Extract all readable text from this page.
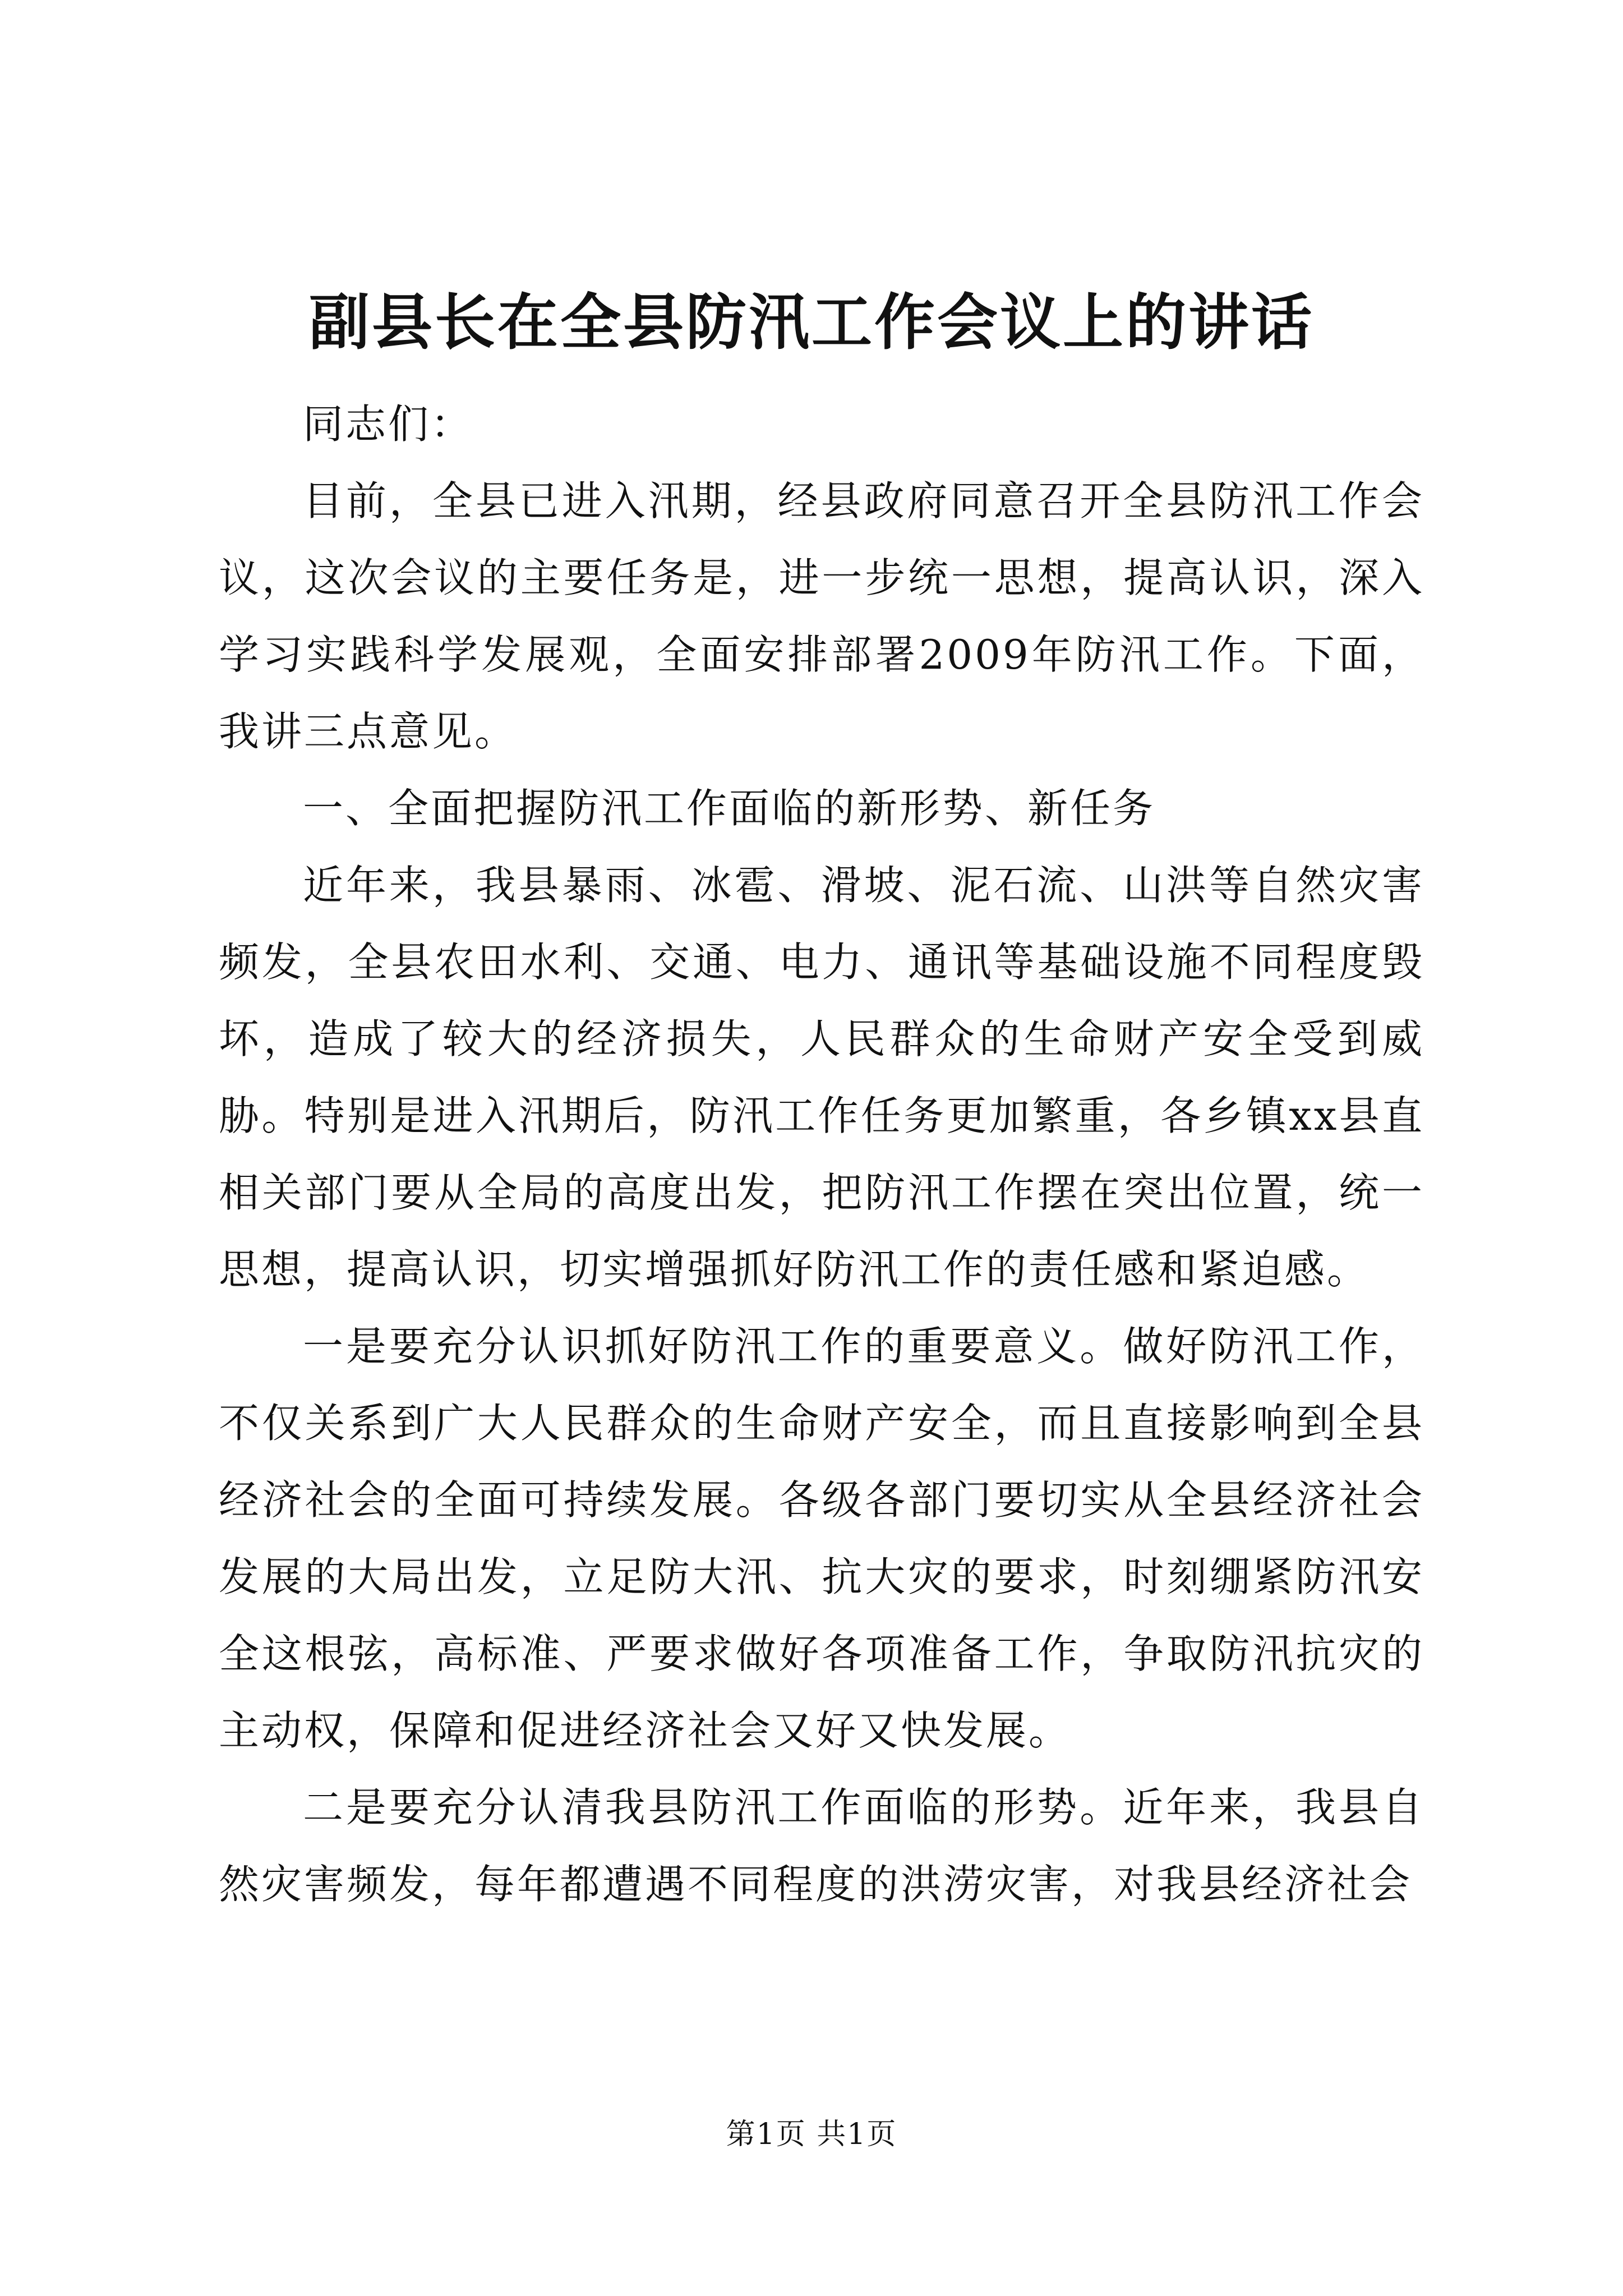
副县长在全县防汛工作会议上的讲话

同志们：

目前，全县已进入汛期，经县政府同意召开全县防汛工作会议，这次会议的主要任务是，进一步统一思想，提高认识，深入学习实践科学发展观，全面安排部署2009年防汛工作。下面，我讲三点意见。

一、全面把握防汛工作面临的新形势、新任务

近年来，我县暴雨、冰雹、滑坡、泥石流、山洪等自然灾害频发，全县农田水利、交通、电力、通讯等基础设施不同程度毁坏，造成了较大的经济损失，人民群众的生命财产安全受到威胁。特别是进入汛期后，防汛工作任务更加繁重，各乡镇xx县直相关部门要从全局的高度出发，把防汛工作摆在突出位置，统一思想，提高认识，切实增强抓好防汛工作的责任感和紧迫感。

一是要充分认识抓好防汛工作的重要意义。做好防汛工作，不仅关系到广大人民群众的生命财产安全，而且直接影响到全县经济社会的全面可持续发展。各级各部门要切实从全县经济社会发展的大局出发，立足防大汛、抗大灾的要求，时刻绷紧防汛安全这根弦，高标准、严要求做好各项准备工作，争取防汛抗灾的主动权，保障和促进经济社会又好又快发展。

二是要充分认清我县防汛工作面临的形势。近年来，我县自然灾害频发，每年都遭遇不同程度的洪涝灾害，对我县经济社会

第1页 共1页
